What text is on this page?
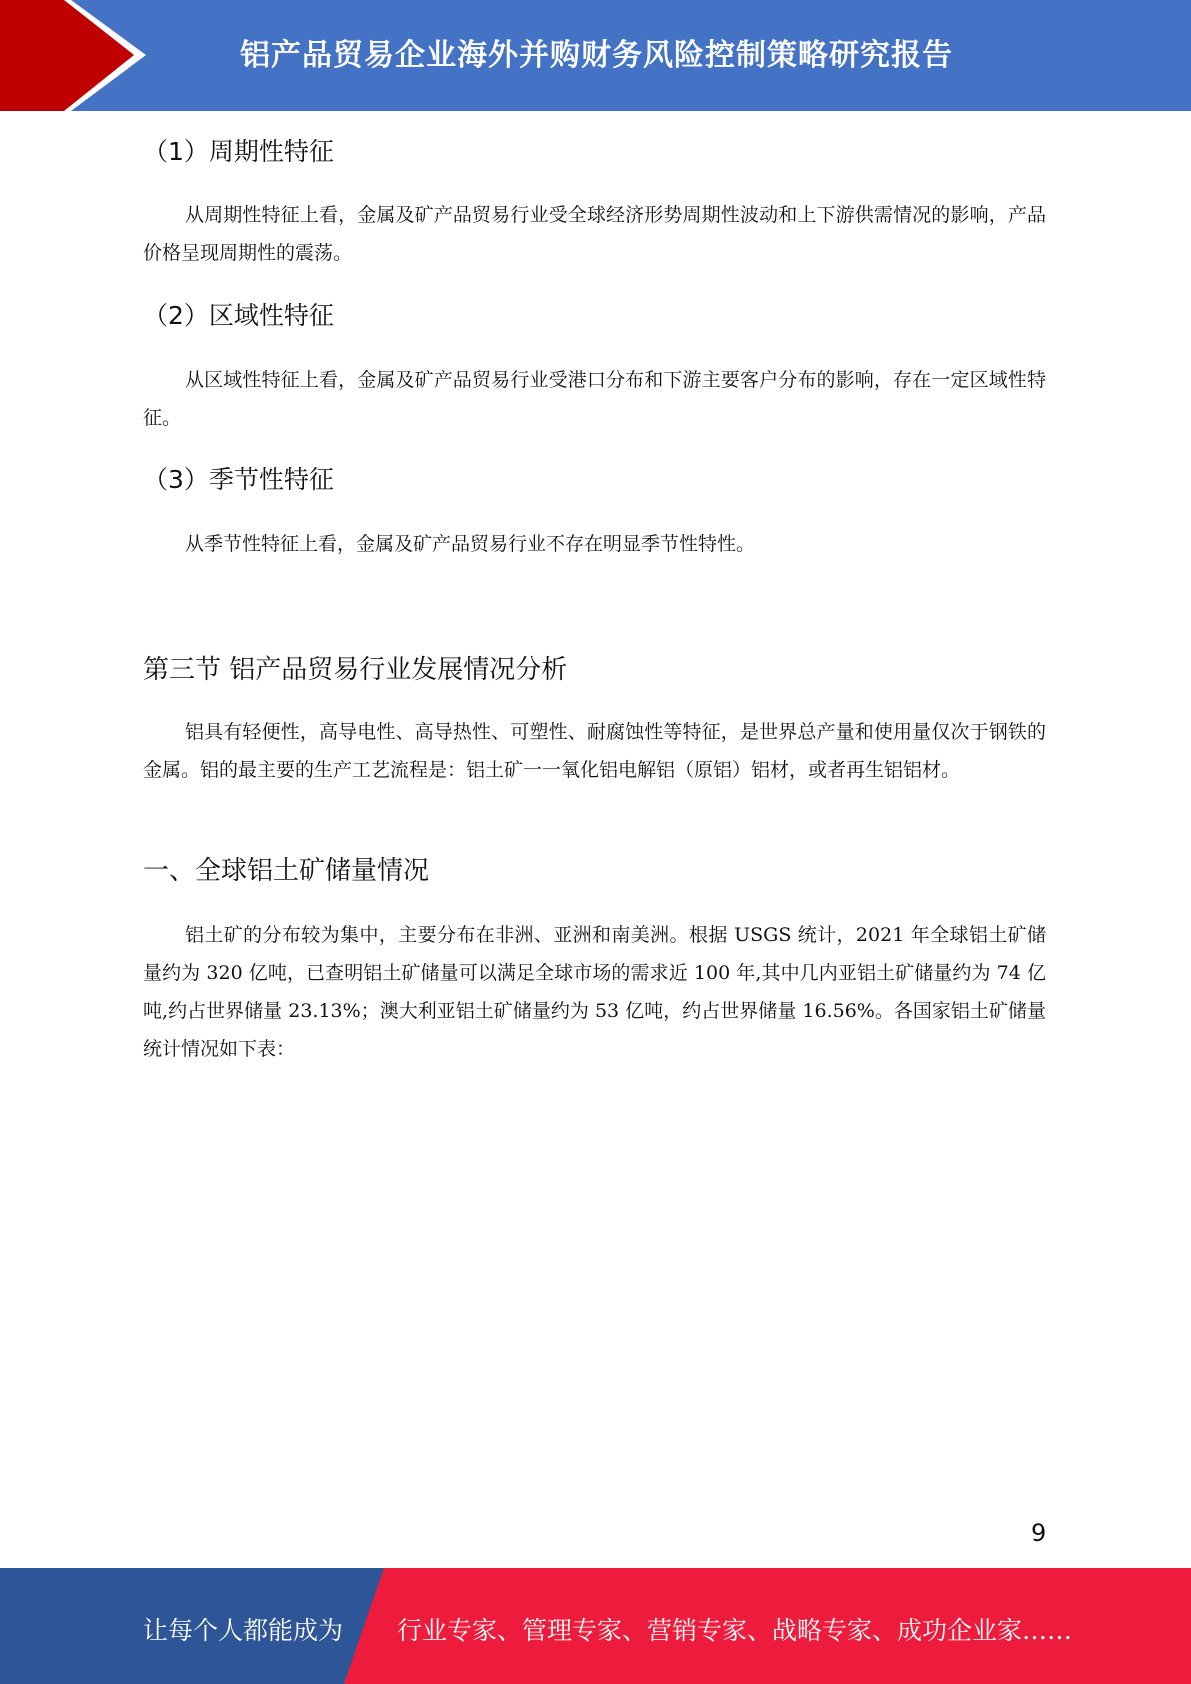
铝产品贸易企业海外并购财务风险控制策略研究报告
（1）周期性特征
从周期性特征上看，金属及矿产品贸易行业受全球经济形势周期性波动和上下游供需情况的影响，产品价格呈现周期性的震荡。
（2）区域性特征
从区域性特征上看，金属及矿产品贸易行业受港口分布和下游主要客户分布的影响，存在一定区域性特征。
（3）季节性特征
从季节性特征上看，金属及矿产品贸易行业不存在明显季节性特性。
第三节 铝产品贸易行业发展情况分析
铝具有轻便性，高导电性、高导热性、可塑性、耐腐蚀性等特征，是世界总产量和使用量仅次于钢铁的金属。铝的最主要的生产工艺流程是：铝土矿一一氧化铝电解铝（原铝）铝材，或者再生铝铝材。
一、全球铝土矿储量情况
铝土矿的分布较为集中，主要分布在非洲、亚洲和南美洲。根据 USGS 统计，2021 年全球铝土矿储量约为 320 亿吨，已查明铝土矿储量可以满足全球市场的需求近 100 年,其中几内亚铝土矿储量约为 74 亿吨,约占世界储量 23.13%；澳大利亚铝土矿储量约为 53 亿吨，约占世界储量 16.56%。各国家铝土矿储量统计情况如下表：
9
让每个人都能成为 行业专家、管理专家、营销专家、战略专家、成功企业家……
